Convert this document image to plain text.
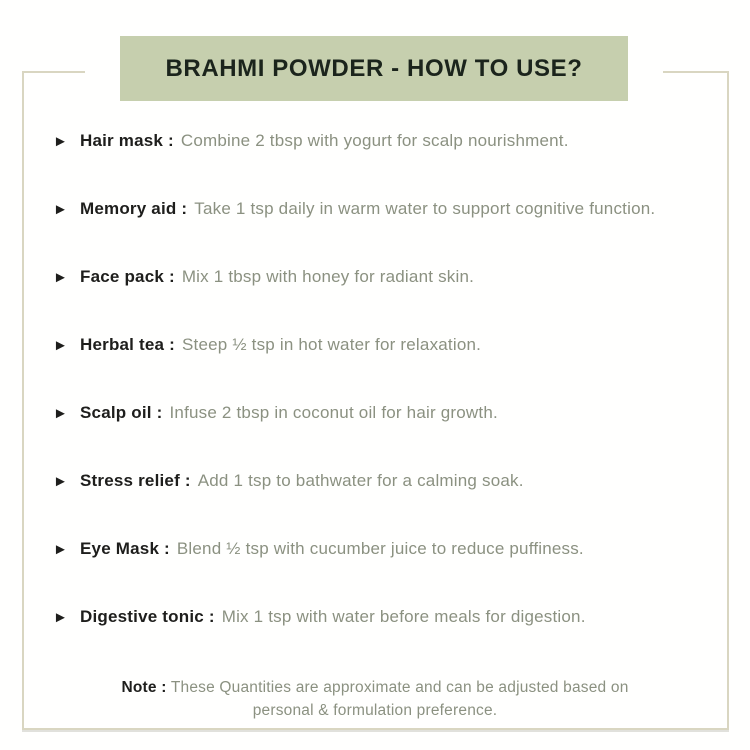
BRAHMI POWDER - HOW TO USE?
► Hair mask : Combine 2 tbsp with yogurt for scalp nourishment.
► Memory aid : Take 1 tsp daily in warm water to support cognitive function.
► Face pack : Mix 1 tbsp with honey for radiant skin.
► Herbal tea : Steep ½ tsp in hot water for relaxation.
► Scalp oil : Infuse 2 tbsp in coconut oil for hair growth.
► Stress relief : Add 1 tsp to bathwater for a calming soak.
► Eye Mask : Blend ½ tsp with cucumber juice to reduce puffiness.
► Digestive tonic : Mix 1 tsp with water before meals for digestion.
Note : These Quantities are approximate and can be adjusted based on
personal & formulation preference.
